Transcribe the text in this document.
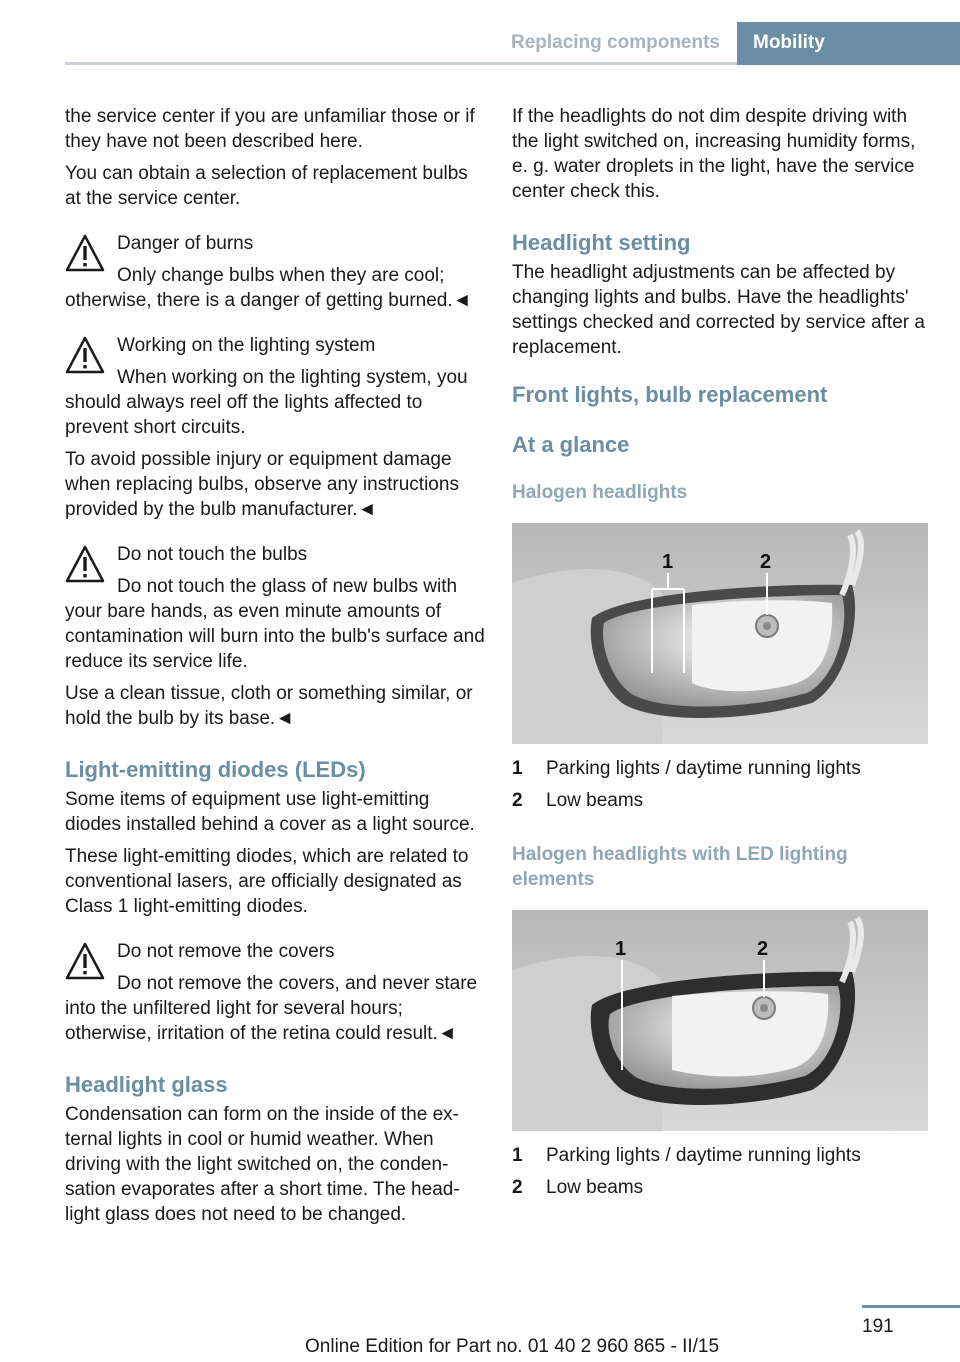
Replacing components	Mobility

the service center if you are unfamiliar those or if they have not been described here.

You can obtain a selection of replacement bulbs at the service center.

Danger of burns
Only change bulbs when they are cool; otherwise, there is a danger of getting burned.◄
Working on the lighting system
When working on the lighting system, you should always reel off the lights affected to prevent short circuits.

To avoid possible injury or equipment damage when replacing bulbs, observe any instructions provided by the bulb manufacturer.◄

Do not touch the bulbs
Do not touch the glass of new bulbs with your bare hands, as even minute amounts of contamination will burn into the bulb's surface and reduce its service life.

Use a clean tissue, cloth or something similar, or hold the bulb by its base.◄

Light-emitting diodes (LEDs)

Some items of equipment use light-emitting diodes installed behind a cover as a light source.

These light-emitting diodes, which are related to conventional lasers, are officially designated as Class 1 light-emitting diodes.

Do not remove the covers
Do not remove the covers, and never stare into the unfiltered light for several hours; otherwise, irritation of the retina could result.◄
Headlight glass

Condensation can form on the inside of the external lights in cool or humid weather. When driving with the light switched on, the condensation evaporates after a short time. The headlight glass does not need to be changed.

If the headlights do not dim despite driving with the light switched on, increasing humidity forms, e. g. water droplets in the light, have the service center check this.

Headlight setting

The headlight adjustments can be affected by changing lights and bulbs. Have the headlights' settings checked and corrected by service after a replacement.

Front lights, bulb replacement
At a glance
Halogen headlights
1	2
1	Parking lights / daytime running lights
2	Low beams
Halogen headlights with LED lighting elements
1	2
1	Parking lights / daytime running lights
2	Low beams
191
Online Edition for Part no. 01 40 2 960 865 - II/15
